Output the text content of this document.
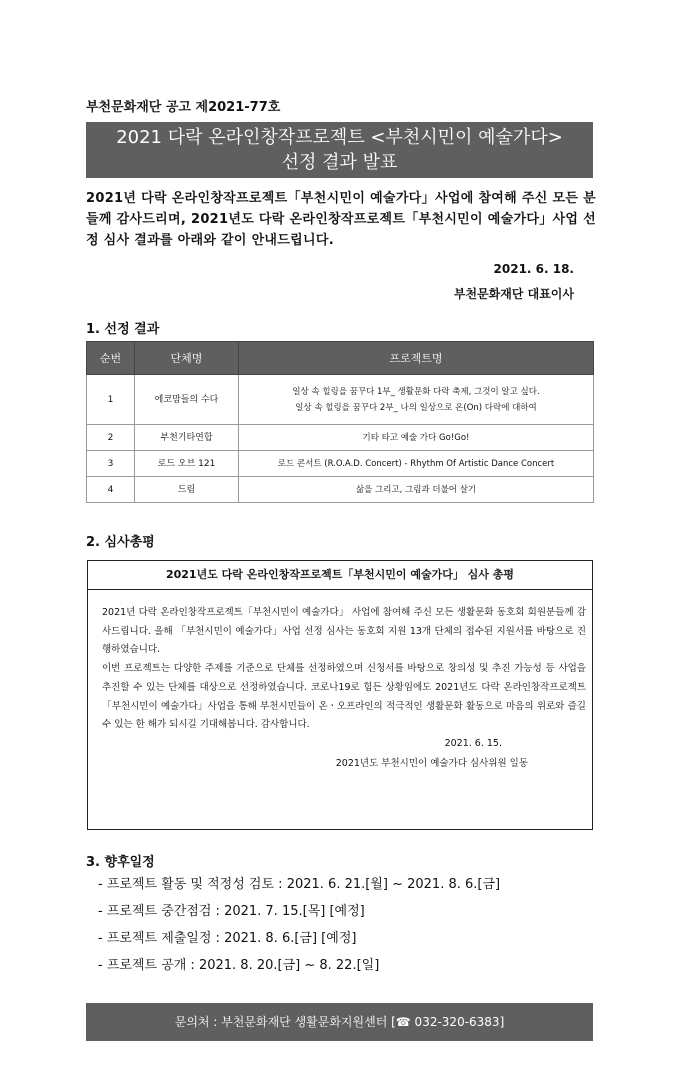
부천문화재단 공고 제2021-77호
2021 다락 온라인창작프로젝트 <부천시민이 예술가다>
선정 결과 발표
2021년 다락 온라인창작프로젝트「부천시민이 예술가다」사업에 참여해 주신 모든 분들께 감사드리며, 2021년도 다락 온라인창작프로젝트「부천시민이 예술가다」사업 선정 심사 결과를 아래와 같이 안내드립니다.
2021. 6. 18.
부천문화재단 대표이사
1. 선정 결과
순번	단체명	프로젝트명
1	에코맘들의 수다	일상 속 힐링을 꿈꾸다 1부_ 생활문화 다락 축제, 그것이 알고 싶다.
일상 속 힐링을 꿈꾸다 2부_ 나의 일상으로 온(On) 다락에 대하여

2	부천기타연합	기타 타고 예술 가다 Go!Go!
3	로드 오브 121	로드 콘서트 (R.O.A.D. Concert) - Rhythm Of Artistic Dance Concert
4	드림	삶을 그리고, 그림과 더불어 살기
2. 심사총평
2021년도 다락 온라인창작프로젝트「부천시민이 예술가다」 심사 총평
2021년 다락 온라인창작프로젝트「부천시민이 예술가다」 사업에 참여해 주신 모든 생활문화 동호회 회원분들께 감사드립니다. 올해 「부천시민이 예술가다」사업 선정 심사는 동호회 지원 13개 단체의 접수된 지원서를 바탕으로 진행하였습니다.
이번 프로젝트는 다양한 주제를 기준으로 단체를 선정하였으며 신청서를 바탕으로 창의성 및 추진 가능성 등 사업을 추진할 수 있는 단체를 대상으로 선정하였습니다. 코로나19로 힘든 상황임에도 2021년도 다락 온라인창작프로젝트「부천시민이 예술가다」사업을 통해 부천시민들이 온ㆍ오프라인의 적극적인 생활문화 활동으로 마음의 위로와 즐길 수 있는 한 해가 되시길 기대해봅니다. 감사합니다.
2021. 6. 15.
2021년도 부천시민이 예술가다 심사위원 일동
3. 향후일정
- 프로젝트 활동 및 적정성 검토 : 2021. 6. 21.[월] ~ 2021. 8. 6.[금]
- 프로젝트 중간점검 : 2021. 7. 15.[목] [예정]
- 프로젝트 제출일정 : 2021. 8. 6.[금] [예정]
- 프로젝트 공개 : 2021. 8. 20.[금] ~ 8. 22.[일]
문의처 : 부천문화재단 생활문화지원센터 [☎ 032-320-6383]
